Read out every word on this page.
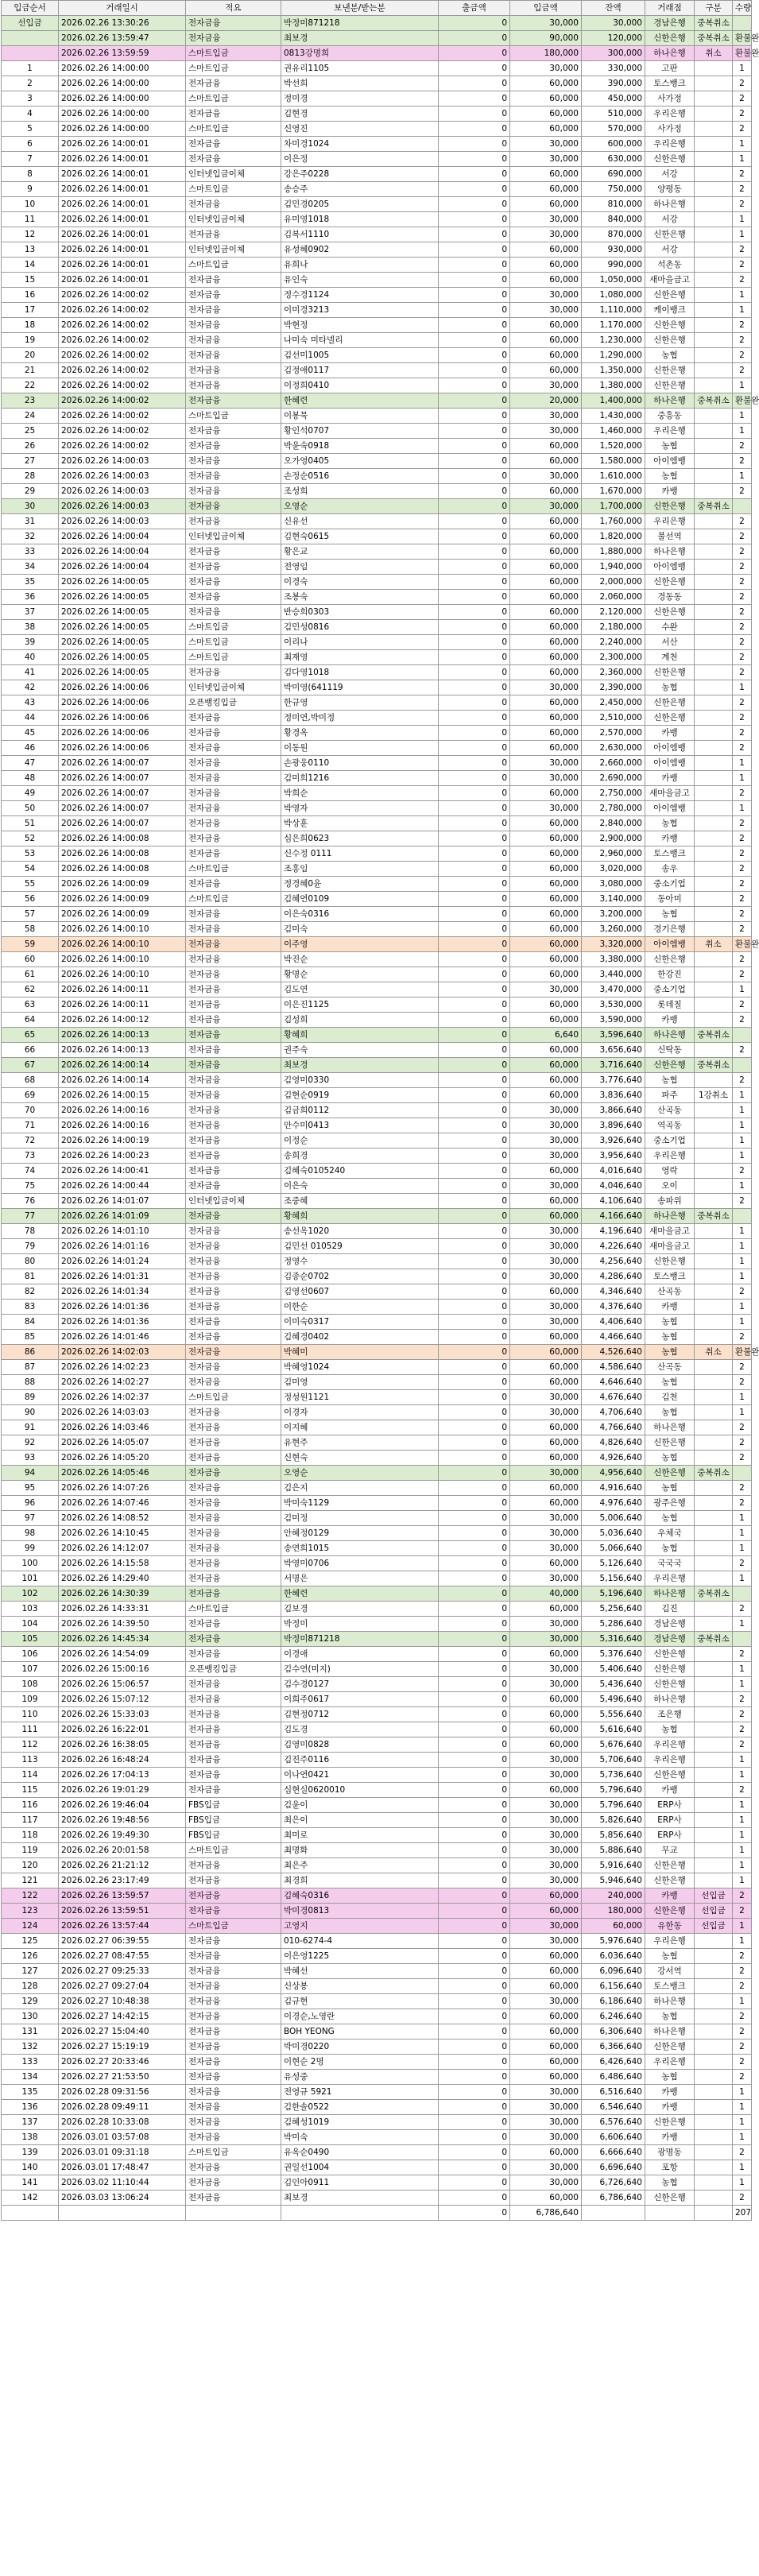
입금순서	거래일시	적요	보낸분/받는분	출금액	입금액	잔액	거래점	구분	수량
선입금	2026.02.26 13:30:26	전자금융	박정미871218	0	30,000	30,000	경남은행	중복취소	
	2026.02.26 13:59:47	전자금융	최보경	0	90,000	120,000	신한은행	중복취소	환불완
	2026.02.26 13:59:59	스마트입금	0813강명희	0	180,000	300,000	하나은행	취소	환불완
1	2026.02.26 14:00:00	스마트입금	권유리1105	0	30,000	330,000	고판		1
2	2026.02.26 14:00:00	전자금융	박선희	0	60,000	390,000	토스뱅크		2
3	2026.02.26 14:00:00	스마트입금	정미경	0	60,000	450,000	사가정		2
4	2026.02.26 14:00:00	전자금융	김현경	0	60,000	510,000	우리은행		2
5	2026.02.26 14:00:00	스마트입금	신영진	0	60,000	570,000	사가정		2
6	2026.02.26 14:00:01	전자금융	차미경1024	0	30,000	600,000	우리은행		1
7	2026.02.26 14:00:01	전자금융	이은정	0	30,000	630,000	신한은행		1
8	2026.02.26 14:00:01	인터넷입금이체	강은주0228	0	60,000	690,000	서강		2
9	2026.02.26 14:00:01	스마트입금	송승주	0	60,000	750,000	양평동		2
10	2026.02.26 14:00:01	전자금융	김민경0205	0	60,000	810,000	하나은행		2
11	2026.02.26 14:00:01	인터넷입금이체	유미영1018	0	30,000	840,000	서강		1
12	2026.02.26 14:00:01	전자금융	김복서1110	0	30,000	870,000	신한은행		1
13	2026.02.26 14:00:01	인터넷입금이체	유성혜0902	0	60,000	930,000	서강		2
14	2026.02.26 14:00:01	스마트입금	유희나	0	60,000	990,000	석촌동		2
15	2026.02.26 14:00:01	전자금융	유인숙	0	60,000	1,050,000	새마을금고		2
16	2026.02.26 14:00:02	전자금융	정수경1124	0	30,000	1,080,000	신한은행		1
17	2026.02.26 14:00:02	전자금융	이미경3213	0	30,000	1,110,000	케이뱅크		1
18	2026.02.26 14:00:02	전자금융	박현정	0	60,000	1,170,000	신한은행		2
19	2026.02.26 14:00:02	전자금융	나미숙 미타넬리	0	60,000	1,230,000	신한은행		2
20	2026.02.26 14:00:02	전자금융	김선미1005	0	60,000	1,290,000	농협		2
21	2026.02.26 14:00:02	전자금융	김정애0117	0	60,000	1,350,000	신한은행		2
22	2026.02.26 14:00:02	전자금융	이정희0410	0	30,000	1,380,000	신한은행		1
23	2026.02.26 14:00:02	전자금융	한혜련	0	20,000	1,400,000	하나은행	중복취소	환불완
24	2026.02.26 14:00:02	스마트입금	이봉묵	0	30,000	1,430,000	중흥동		1
25	2026.02.26 14:00:02	전자금융	황인석0707	0	30,000	1,460,000	우리은행		1
26	2026.02.26 14:00:02	전자금융	박윤숙0918	0	60,000	1,520,000	농협		2
27	2026.02.26 14:00:03	전자금융	오가영0405	0	60,000	1,580,000	아이엠뱅		2
28	2026.02.26 14:00:03	전자금융	손정순0516	0	30,000	1,610,000	농협		1
29	2026.02.26 14:00:03	전자금융	조성희	0	60,000	1,670,000	카뱅		2
30	2026.02.26 14:00:03	전자금융	오영순	0	30,000	1,700,000	신한은행	중복취소	
31	2026.02.26 14:00:03	전자금융	신유선	0	60,000	1,760,000	우리은행		2
32	2026.02.26 14:00:04	인터넷입금이체	김현숙0615	0	60,000	1,820,000	불선역		2
33	2026.02.26 14:00:04	전자금융	황은교	0	60,000	1,880,000	하나은행		2
34	2026.02.26 14:00:04	전자금융	전영임	0	60,000	1,940,000	아이엠뱅		2
35	2026.02.26 14:00:05	전자금융	이경숙	0	60,000	2,000,000	신한은행		2
36	2026.02.26 14:00:05	전자금융	조봉숙	0	60,000	2,060,000	경동동		2
37	2026.02.26 14:00:05	전자금융	반승희0303	0	60,000	2,120,000	신한은행		2
38	2026.02.26 14:00:05	스마트입금	김민성0816	0	60,000	2,180,000	수완		2
39	2026.02.26 14:00:05	스마트입금	이리나	0	60,000	2,240,000	서산		2
40	2026.02.26 14:00:05	스마트입금	최재영	0	60,000	2,300,000	계천		2
41	2026.02.26 14:00:05	전자금융	김다영1018	0	60,000	2,360,000	신한은행		2
42	2026.02.26 14:00:06	인터넷입금이체	박미영(641119	0	30,000	2,390,000	농협		1
43	2026.02.26 14:00:06	오픈뱅킹입금	한규영	0	60,000	2,450,000	신한은행		2
44	2026.02.26 14:00:06	전자금융	정미연,박미정	0	60,000	2,510,000	신한은행		2
45	2026.02.26 14:00:06	전자금융	황경옥	0	60,000	2,570,000	카뱅		2
46	2026.02.26 14:00:06	전자금융	이동원	0	60,000	2,630,000	아이엠뱅		2
47	2026.02.26 14:00:07	전자금융	손광웅0110	0	30,000	2,660,000	아이엠뱅		1
48	2026.02.26 14:00:07	전자금융	김미희1216	0	30,000	2,690,000	카뱅		1
49	2026.02.26 14:00:07	전자금융	박희순	0	60,000	2,750,000	새마을금고		2
50	2026.02.26 14:00:07	전자금융	박영자	0	30,000	2,780,000	아이엠뱅		1
51	2026.02.26 14:00:07	전자금융	박상훈	0	60,000	2,840,000	농협		2
52	2026.02.26 14:00:08	전자금융	심은희0623	0	60,000	2,900,000	카뱅		2
53	2026.02.26 14:00:08	전자금융	신수정 0111	0	60,000	2,960,000	토스뱅크		2
54	2026.02.26 14:00:08	스마트입금	조홍임	0	60,000	3,020,000	송우		2
55	2026.02.26 14:00:09	전자금융	정경혜0윤	0	60,000	3,080,000	중소기업		2
56	2026.02.26 14:00:09	스마트입금	김혜연0109	0	60,000	3,140,000	동아미		2
57	2026.02.26 14:00:09	전자금융	이은숙0316	0	60,000	3,200,000	농협		2
58	2026.02.26 14:00:10	전자금융	김미숙	0	60,000	3,260,000	경기은행		2
59	2026.02.26 14:00:10	전자금융	이주영	0	60,000	3,320,000	아이엠뱅	취소	환불완
60	2026.02.26 14:00:10	전자금융	박진순	0	60,000	3,380,000	신한은행		2
61	2026.02.26 14:00:10	전자금융	황명순	0	60,000	3,440,000	한강진		2
62	2026.02.26 14:00:11	전자금융	김도연	0	30,000	3,470,000	중소기업		1
63	2026.02.26 14:00:11	전자금융	이은진1125	0	60,000	3,530,000	롯데칠		2
64	2026.02.26 14:00:12	전자금융	김성희	0	60,000	3,590,000	카뱅		2
65	2026.02.26 14:00:13	전자금융	황혜희	0	6,640	3,596,640	하나은행	중복취소	
66	2026.02.26 14:00:13	전자금융	권주숙	0	60,000	3,656,640	신탁동		2
67	2026.02.26 14:00:14	전자금융	최보경	0	60,000	3,716,640	신한은행	중복취소	
68	2026.02.26 14:00:14	전자금융	김영미0330	0	60,000	3,776,640	농협		2
69	2026.02.26 14:00:15	전자금융	김현순0919	0	60,000	3,836,640	파주	1강취소	1
70	2026.02.26 14:00:16	전자금융	김금희0112	0	30,000	3,866,640	산곡동		1
71	2026.02.26 14:00:16	전자금융	안수미0413	0	30,000	3,896,640	역곡동		1
72	2026.02.26 14:00:19	전자금융	이정순	0	30,000	3,926,640	중소기업		1
73	2026.02.26 14:00:23	전자금융	송희경	0	30,000	3,956,640	우리은행		1
74	2026.02.26 14:00:41	전자금융	김혜숙0105240	0	60,000	4,016,640	영락		2
75	2026.02.26 14:00:44	전자금융	이은숙	0	30,000	4,046,640	오이		1
76	2026.02.26 14:01:07	인터넷입금이체	조중혜	0	60,000	4,106,640	송파위		2
77	2026.02.26 14:01:09	전자금융	황혜희	0	60,000	4,166,640	하나은행	중복취소	
78	2026.02.26 14:01:10	전자금융	송선옥1020	0	30,000	4,196,640	새마을금고		1
79	2026.02.26 14:01:16	전자금융	김민선 010529	0	30,000	4,226,640	새마을금고		1
80	2026.02.26 14:01:24	전자금융	정영수	0	30,000	4,256,640	신한은행		1
81	2026.02.26 14:01:31	전자금융	김종순0702	0	30,000	4,286,640	토스뱅크		1
82	2026.02.26 14:01:34	전자금융	김영선0607	0	60,000	4,346,640	산곡동		2
83	2026.02.26 14:01:36	전자금융	이한순	0	30,000	4,376,640	카뱅		1
84	2026.02.26 14:01:36	전자금융	이미숙0317	0	30,000	4,406,640	농협		1
85	2026.02.26 14:01:46	전자금융	김혜경0402	0	60,000	4,466,640	농협		2
86	2026.02.26 14:02:03	전자금융	박혜미	0	60,000	4,526,640	농협	취소	환불완
87	2026.02.26 14:02:23	전자금융	박혜영1024	0	60,000	4,586,640	산곡동		2
88	2026.02.26 14:02:27	전자금융	김미영	0	60,000	4,646,640	농협		2
89	2026.02.26 14:02:37	스마트입금	정성원1121	0	30,000	4,676,640	김천		1
90	2026.02.26 14:03:03	전자금융	이경자	0	30,000	4,706,640	농협		1
91	2026.02.26 14:03:46	전자금융	이지혜	0	60,000	4,766,640	하나은행		2
92	2026.02.26 14:05:07	전자금융	유현주	0	60,000	4,826,640	신한은행		2
93	2026.02.26 14:05:20	전자금융	신현숙	0	60,000	4,926,640	농협		2
94	2026.02.26 14:05:46	전자금융	오영순	0	30,000	4,956,640	신한은행	중복취소	
95	2026.02.26 14:07:26	전자금융	김은지	0	60,000	4,916,640	농협		2
96	2026.02.26 14:07:46	전자금융	박미숙1129	0	60,000	4,976,640	광주은행		2
97	2026.02.26 14:08:52	전자금융	김미정	0	30,000	5,006,640	농협		1
98	2026.02.26 14:10:45	전자금융	안혜정0129	0	30,000	5,036,640	우체국		1
99	2026.02.26 14:12:07	전자금융	송연희1015	0	30,000	5,066,640	농협		1
100	2026.02.26 14:15:58	전자금융	박영미0706	0	60,000	5,126,640	국국국		2
101	2026.02.26 14:29:40	전자금융	서명은	0	30,000	5,156,640	우리은행		1
102	2026.02.26 14:30:39	전자금융	한혜련	0	40,000	5,196,640	하나은행	중복취소	
103	2026.02.26 14:33:31	스마트입금	김보경	0	60,000	5,256,640	김진		2
104	2026.02.26 14:39:50	전자금융	박정미	0	30,000	5,286,640	경남은행		1
105	2026.02.26 14:45:34	전자금융	박정미871218	0	30,000	5,316,640	경남은행	중복취소	
106	2026.02.26 14:54:09	전자금융	이경애	0	60,000	5,376,640	신한은행		2
107	2026.02.26 15:00:16	오픈뱅킹입금	김수연(미지)	0	30,000	5,406,640	신한은행		1
108	2026.02.26 15:06:57	전자금융	김수경0127	0	30,000	5,436,640	신한은행		1
109	2026.02.26 15:07:12	전자금융	이희주0617	0	60,000	5,496,640	하나은행		2
110	2026.02.26 15:33:03	전자금융	김현정0712	0	60,000	5,556,640	조은행		2
111	2026.02.26 16:22:01	전자금융	김도경	0	60,000	5,616,640	농협		2
112	2026.02.26 16:38:05	전자금융	김영미0828	0	60,000	5,676,640	우리은행		2
113	2026.02.26 16:48:24	전자금융	김진주0116	0	30,000	5,706,640	우리은행		1
114	2026.02.26 17:04:13	전자금융	이나연0421	0	30,000	5,736,640	신한은행		1
115	2026.02.26 19:01:29	전자금융	심현실0620010	0	60,000	5,796,640	카뱅		2
116	2026.02.26 19:46:04	FBS입금	김윤이	0	30,000	5,796,640	ERP사		1
117	2026.02.26 19:48:56	FBS입금	최은이	0	30,000	5,826,640	ERP사		1
118	2026.02.26 19:49:30	FBS입금	최미로	0	30,000	5,856,640	ERP사		1
119	2026.02.26 20:01:58	스마트입금	최명화	0	30,000	5,886,640	무교		1
120	2026.02.26 21:21:12	전자금융	최은주	0	30,000	5,916,640	신한은행		1
121	2026.02.26 23:17:49	전자금융	최경희	0	30,000	5,946,640	신한은행		1
122	2026.02.26 13:59:57	전자금융	김혜숙0316	0	60,000	240,000	카뱅	선입금	2
123	2026.02.26 13:59:51	전자금융	박미경0813	0	60,000	180,000	신한은행	선입금	2
124	2026.02.26 13:57:44	스마트입금	고영지	0	30,000	60,000	유한동	선입금	1
125	2026.02.27 06:39:55	전자금융	010-6274-4	0	30,000	5,976,640	우리은행		1
126	2026.02.27 08:47:55	전자금융	이은영1225	0	60,000	6,036,640	농협		2
127	2026.02.27 09:25:33	전자금융	박혜선	0	60,000	6,096,640	강서역		2
128	2026.02.27 09:27:04	전자금융	신상봉	0	60,000	6,156,640	토스뱅크		2
129	2026.02.27 10:48:38	전자금융	김규현	0	30,000	6,186,640	하나은행		1
130	2026.02.27 14:42:15	전자금융	이경순,노영란	0	60,000	6,246,640	농협		2
131	2026.02.27 15:04:40	전자금융	BOH YEONG	0	60,000	6,306,640	하나은행		2
132	2026.02.27 15:19:19	전자금융	박미경0220	0	60,000	6,366,640	신한은행		2
133	2026.02.27 20:33:46	전자금융	이현순 2명	0	60,000	6,426,640	우리은행		2
134	2026.02.27 21:53:50	전자금융	유성중	0	60,000	6,486,640	농협		2
135	2026.02.28 09:31:56	전자금융	전영규 5921	0	30,000	6,516,640	카뱅		1
136	2026.02.28 09:49:11	전자금융	김한솔0522	0	30,000	6,546,640	카뱅		1
137	2026.02.28 10:33:08	전자금융	김혜성1019	0	30,000	6,576,640	신한은행		1
138	2026.03.01 03:57:08	전자금융	박미숙	0	30,000	6,606,640	카뱅		1
139	2026.03.01 09:31:18	스마트입금	유옥순0490	0	60,000	6,666,640	광명동		2
140	2026.03.01 17:48:47	전자금융	권일선1004	0	30,000	6,696,640	포항		1
141	2026.03.02 11:10:44	전자금융	김인아0911	0	30,000	6,726,640	농협		1
142	2026.03.03 13:06:24	전자금융	최보경	0	60,000	6,786,640	신한은행		2
				0	6,786,640				207
